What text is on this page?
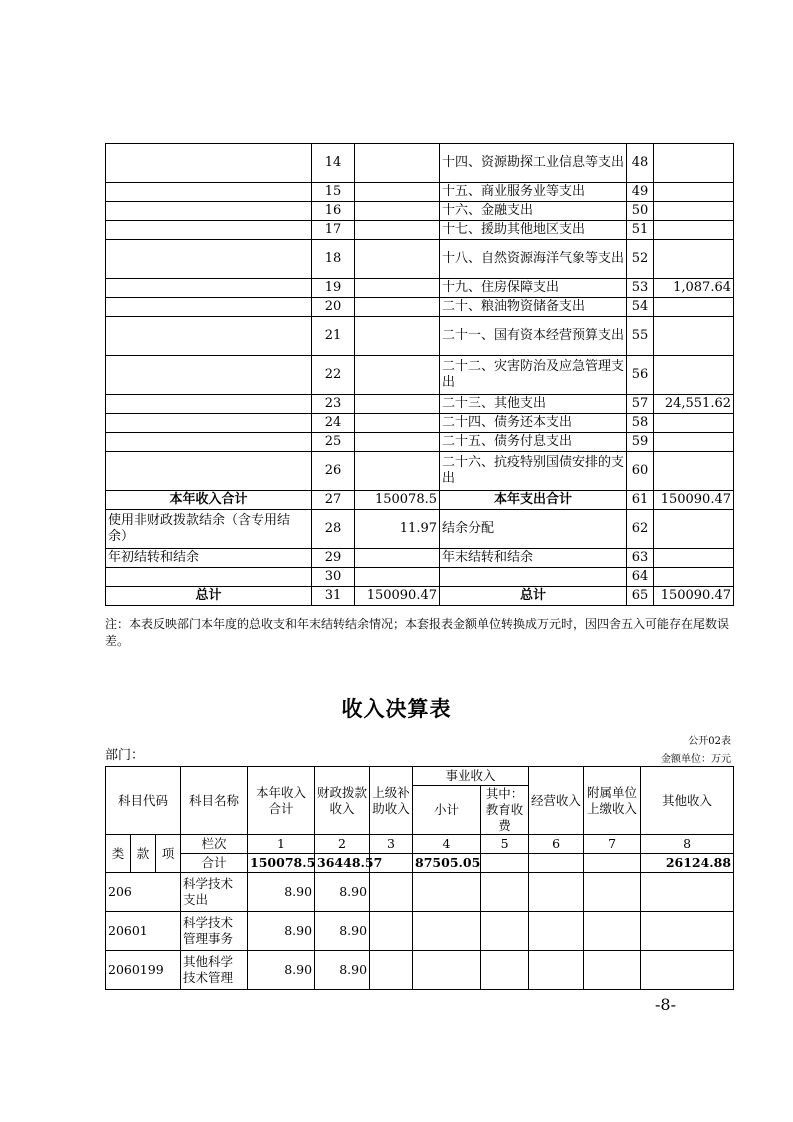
	14		十四、资源勘探工业信息等支出	48	
	15		十五、商业服务业等支出	49	
	16		十六、金融支出	50	
	17		十七、援助其他地区支出	51	
	18		十八、自然资源海洋气象等支出	52	
	19		十九、住房保障支出	53	1,087.64
	20		二十、粮油物资储备支出	54	
	21		二十一、国有资本经营预算支出	55	
	22		二十二、灾害防治及应急管理支出	56	
	23		二十三、其他支出	57	24,551.62
	24		二十四、债务还本支出	58	
	25		二十五、债务付息支出	59	
	26		二十六、抗疫特别国债安排的支出	60	
本年收入合计	27	150078.5	本年支出合计	61	150090.47
使用非财政拨款结余（含专用结余）	28	11.97	结余分配	62	
年初结转和结余	29		年末结转和结余	63	
	30			64	
总计	31	150090.47	总计	65	150090.47
注：本表反映部门本年度的总收支和年末结转结余情况；本套报表金额单位转换成万元时，因四舍五入可能存在尾数误差。
收入决算表
公开02表
部门：	金额单位：万元
科目代码			科目名称	本年收入合计	财政拨款收入	上级补助收入	事业收入		经营收入	附属单位上缴收入	其他收入
							小计	其中：教育收费			

类	款	项	栏次	1	2	3	4	5	6	7	8
			合计	150078.5	36448.57		87505.05				26124.88
206			科学技术支出	8.90	8.90						
20601			科学技术管理事务	8.90	8.90						
2060199			其他科学技术管理	8.90	8.90						
-8-
